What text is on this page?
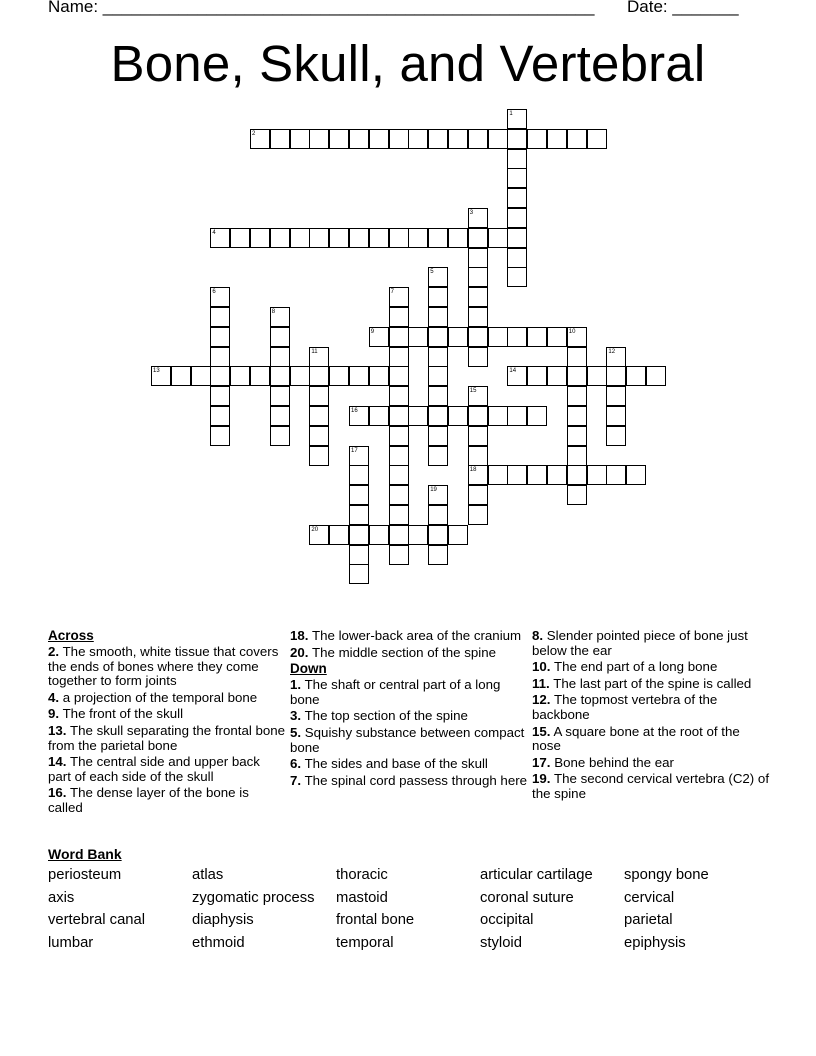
Name: ____________________________________________________ Date: _______
Bone, Skull, and Vertebral
1
2
3
4
5
6	7
8
9	10
11	12
13	14
15
18
16
17
19
20
Across
2. The smooth, white tissue that covers the ends of bones where they come together to form joints
4. a projection of the temporal bone
9. The front of the skull
13. The skull separating the frontal bone from the parietal bone
14. The central side and upper back part of each side of the skull
16. The dense layer of the bone is called
18. The lower-back area of the cranium
20. The middle section of the spine
Down
1. The shaft or central part of a long bone
3. The top section of the spine
5. Squishy substance between compact bone
6. The sides and base of the skull
7. The spinal cord passess through here
8. Slender pointed piece of bone just below the ear
10. The end part of a long bone
11. The last part of the spine is called
12. The topmost vertebra of the backbone
15. A square bone at the root of the nose
17. Bone behind the ear
19. The second cervical vertebra (C2) of the spine
Word Bank
periosteum
axis
vertebral canal
lumbar
atlas
zygomatic process
diaphysis
ethmoid
thoracic
mastoid
frontal bone
temporal
articular cartilage
coronal suture
occipital
styloid
spongy bone
cervical
parietal
epiphysis
